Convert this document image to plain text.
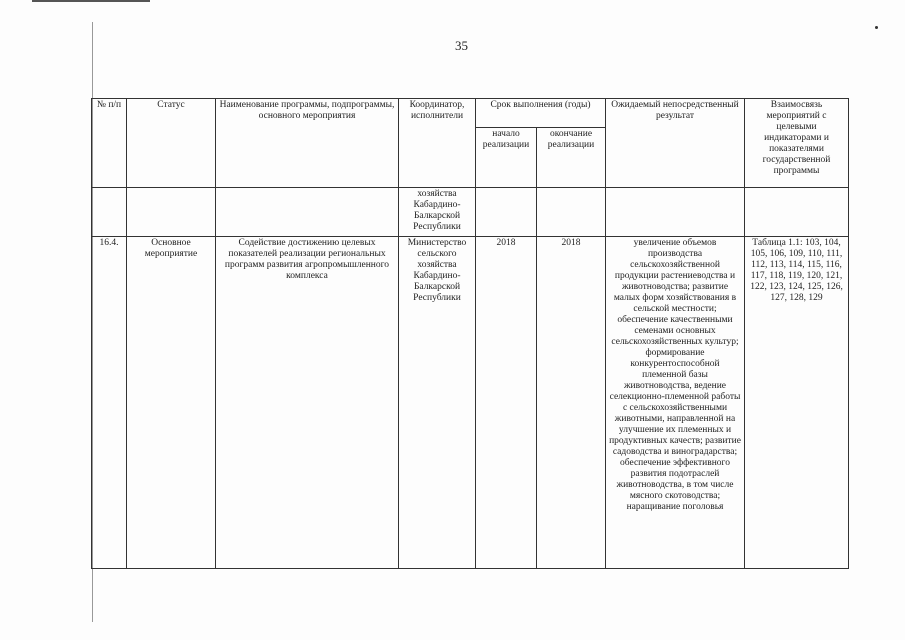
35
№ п/п	Статус	Наименование программы, подпрограммы, основного мероприятия	Координатор, исполнители	Срок выполнения (годы)		Ожидаемый непосредственный результат	Взаимосвязь мероприятий с целевыми индикаторами и показателями государственной программы
				начало реализации	окончание реализации		
			хозяйства Кабардино-Балкарской Республики				
16.4.	Основное мероприятие	Содействие достижению целевых показателей реализации региональных программ развития агропромышленного комплекса	Министерство сельского хозяйства Кабардино-Балкарской Республики	2018	2018	увеличение объемов производства сельскохозяйственной продукции растениеводства и животноводства; развитие малых форм хозяйствования в сельской местности; обеспечение качественными семенами основных сельскохозяйственных культур; формирование конкурентоспособной племенной базы животноводства, ведение селекционно-племенной работы с сельскохозяйственными животными, направленной на улучшение их племенных и продуктивных качеств; развитие садоводства и виноградарства; обеспечение эффективного развития подотраслей животноводства, в том числе мясного скотоводства; наращивание поголовья	Таблица 1.1: 103, 104, 105, 106, 109, 110, 111, 112, 113, 114, 115, 116, 117, 118, 119, 120, 121, 122, 123, 124, 125, 126, 127, 128, 129
